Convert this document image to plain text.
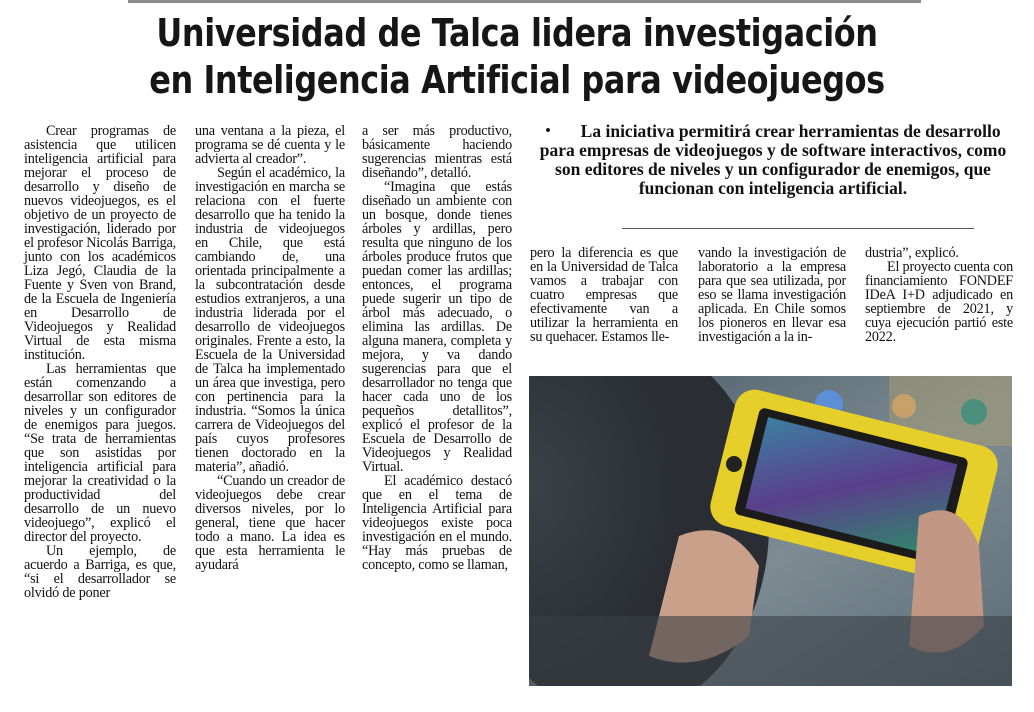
Universidad de Talca lidera investigación
en Inteligencia Artificial para videojuegos

Crear programas de asistencia que utilicen inteligencia artificial para mejorar el proceso de desarrollo y diseño de nuevos videojuegos, es el objetivo de un proyecto de investigación, liderado por el profesor Nicolás Barriga, junto con los académicos Liza Jegó, Claudia de la Fuente y Sven von Brand, de la Escuela de Ingeniería en Desarrollo de Videojuegos y Realidad Virtual de esta misma institución.

Las herramientas que están comenzando a desarrollar son editores de niveles y un configurador de enemigos para juegos. “Se trata de herramientas que son asistidas por inteligencia artificial para mejorar la creatividad o la productividad del desarrollo de un nuevo videojuego”, explicó el director del proyecto.

Un ejemplo, de acuerdo a Barriga, es que, “si el desarrollador se olvidó de poner

una ventana a la pieza, el programa se dé cuenta y le advierta al creador”.

Según el académico, la investigación en marcha se relaciona con el fuerte desarrollo que ha tenido la industria de videojuegos en Chile, que está cambiando de, una orientada principalmente a la subcontratación desde estudios extranjeros, a una industria liderada por el desarrollo de videojuegos originales. Frente a esto, la Escuela de la Universidad de Talca ha implementado un área que investiga, pero con pertinencia para la industria. “Somos la única carrera de Videojuegos del país cuyos profesores tienen doctorado en la materia”, añadió.

“Cuando un creador de videojuegos debe crear diversos niveles, por lo general, tiene que hacer todo a mano. La idea es que esta herramienta le ayudará

a ser más productivo, básicamente haciendo sugerencias mientras está diseñando”, detalló.

“Imagina que estás diseñado un ambiente con un bosque, donde tienes árboles y ardillas, pero resulta que ninguno de los árboles produce frutos que puedan comer las ardillas; entonces, el programa puede sugerir un tipo de árbol más adecuado, o elimina las ardillas. De alguna manera, completa y mejora, y va dando sugerencias para que el desarrollador no tenga que hacer cada uno de los pequeños detallitos”, explicó el profesor de la Escuela de Desarrollo de Videojuegos y Realidad Virtual.

El académico destacó que en el tema de Inteligencia Artificial para videojuegos existe poca investigación en el mundo. “Hay más pruebas de concepto, como se llaman,

• La iniciativa permitirá crear herramientas de desarrollo para empresas de videojuegos y de software interactivos, como son editores de niveles y un configurador de enemigos, que funcionan con inteligencia artificial.

pero la diferencia es que en la Universidad de Talca vamos a trabajar con cuatro empresas que efectivamente van a utilizar la herramienta en su quehacer. Estamos lle-

vando la investigación de laboratorio a la empresa para que sea utilizada, por eso se llama investigación aplicada. En Chile somos los pioneros en llevar esa investigación a la in-

dustria”, explicó.

El proyecto cuenta con financiamiento FONDEF IDeA I+D adjudicado en septiembre de 2021, y cuya ejecución partió este 2022.
